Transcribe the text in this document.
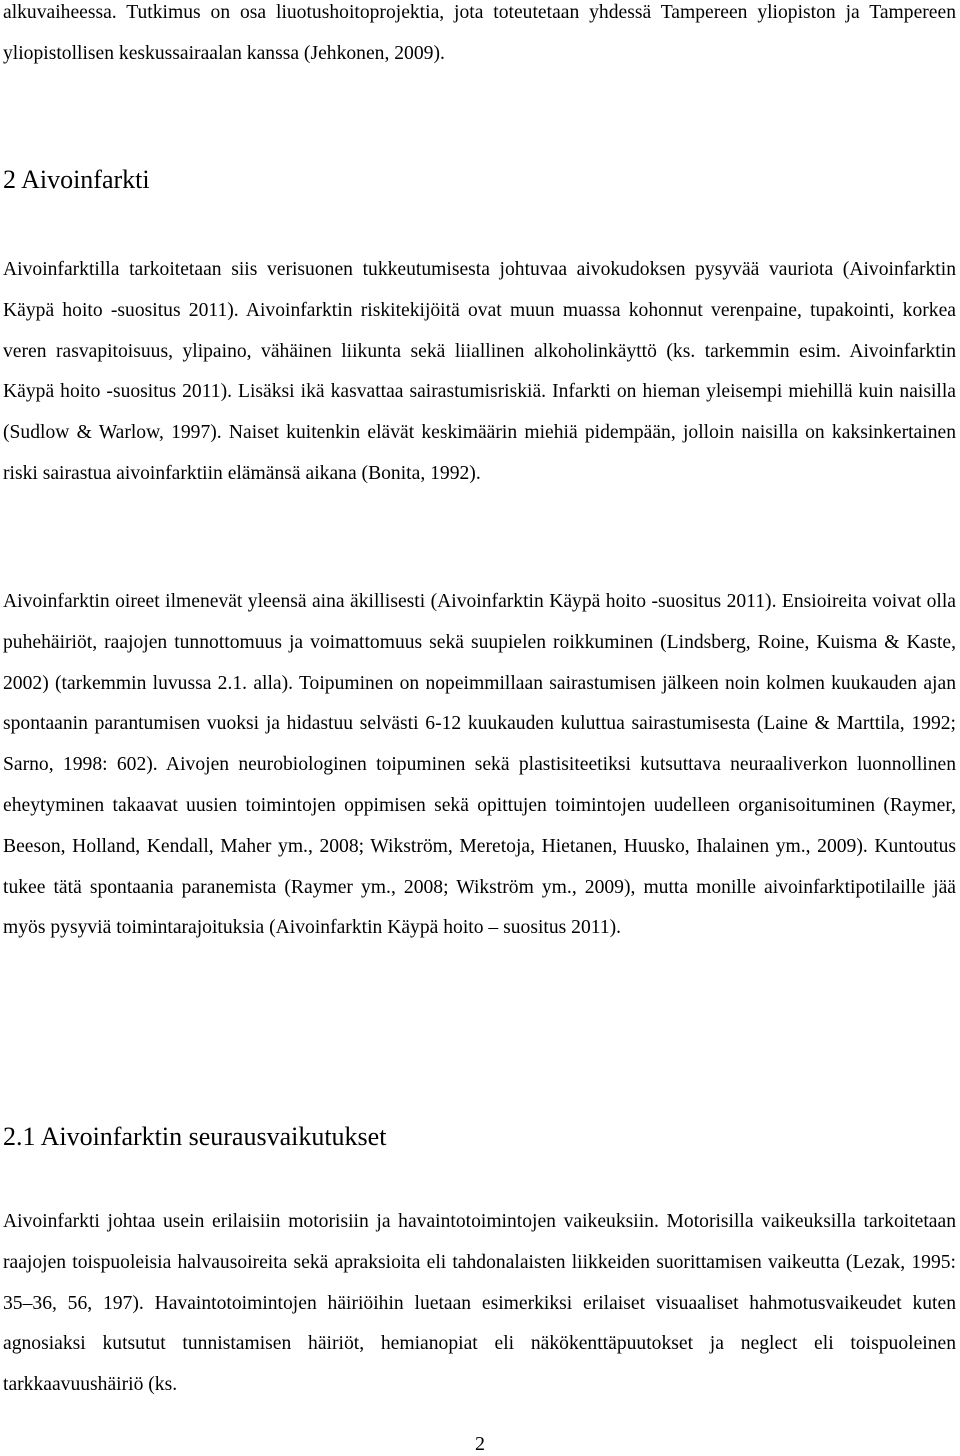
alkuvaiheessa. Tutkimus on osa liuotushoitoprojektia, jota toteutetaan yhdessä Tampereen yliopiston ja Tampereen yliopistollisen keskussairaalan kanssa (Jehkonen, 2009).

2 Aivoinfarkti

Aivoinfarktilla tarkoitetaan siis verisuonen tukkeutumisesta johtuvaa aivokudoksen pysyvää vauriota (Aivoinfarktin Käypä hoito -suositus 2011). Aivoinfarktin riskitekijöitä ovat muun muassa kohonnut verenpaine, tupakointi, korkea veren rasvapitoisuus, ylipaino, vähäinen liikunta sekä liiallinen alkoholinkäyttö (ks. tarkemmin esim. Aivoinfarktin Käypä hoito -suositus 2011). Lisäksi ikä kasvattaa sairastumisriskiä. Infarkti on hieman yleisempi miehillä kuin naisilla (Sudlow & Warlow, 1997). Naiset kuitenkin elävät keskimäärin miehiä pidempään, jolloin naisilla on kaksinkertainen riski sairastua aivoinfarktiin elämänsä aikana (Bonita, 1992).

Aivoinfarktin oireet ilmenevät yleensä aina äkillisesti (Aivoinfarktin Käypä hoito -suositus 2011). Ensioireita voivat olla puhehäiriöt, raajojen tunnottomuus ja voimattomuus sekä suupielen roikkuminen (Lindsberg, Roine, Kuisma & Kaste, 2002) (tarkemmin luvussa 2.1. alla). Toipuminen on nopeimmillaan sairastumisen jälkeen noin kolmen kuukauden ajan spontaanin parantumisen vuoksi ja hidastuu selvästi 6-12 kuukauden kuluttua sairastumisesta (Laine & Marttila, 1992; Sarno, 1998: 602). Aivojen neurobiologinen toipuminen sekä plastisiteetiksi kutsuttava neuraaliverkon luonnollinen eheytyminen takaavat uusien toimintojen oppimisen sekä opittujen toimintojen uudelleen organisoituminen (Raymer, Beeson, Holland, Kendall, Maher ym., 2008; Wikström, Meretoja, Hietanen, Huusko, Ihalainen ym., 2009). Kuntoutus tukee tätä spontaania paranemista (Raymer ym., 2008; Wikström ym., 2009), mutta monille aivoinfarktipotilaille jää myös pysyviä toimintarajoituksia (Aivoinfarktin Käypä hoito – suositus 2011).

2.1 Aivoinfarktin seurausvaikutukset

Aivoinfarkti johtaa usein erilaisiin motorisiin ja havaintotoimintojen vaikeuksiin. Motorisilla vaikeuksilla tarkoitetaan raajojen toispuoleisia halvausoireita sekä apraksioita eli tahdonalaisten liikkeiden suorittamisen vaikeutta (Lezak, 1995: 35–36, 56, 197). Havaintotoimintojen häiriöihin luetaan esimerkiksi erilaiset visuaaliset hahmotusvaikeudet kuten agnosiaksi kutsutut tunnistamisen häiriöt, hemianopiat eli näkökenttäpuutokset ja neglect eli toispuoleinen tarkkaavuushäiriö (ks.

2
